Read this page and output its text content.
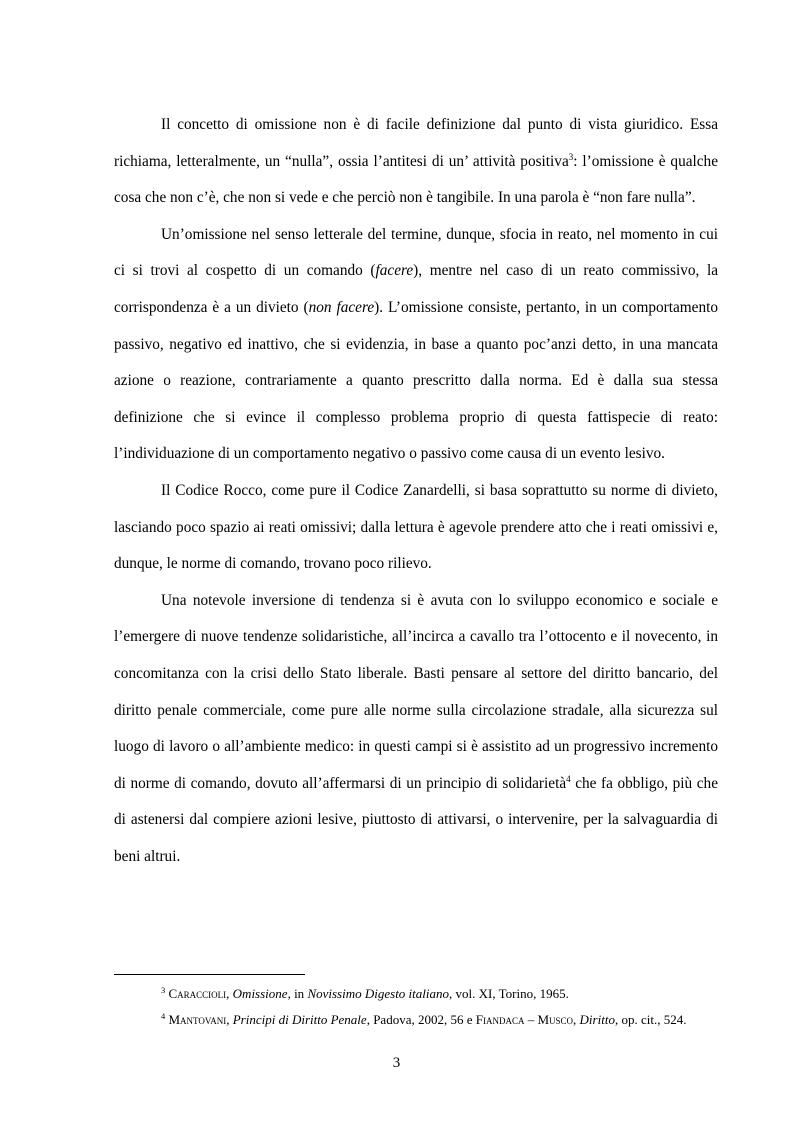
Il concetto di omissione non è di facile definizione dal punto di vista giuridico. Essa richiama, letteralmente, un “nulla”, ossia l’antitesi di un’ attività positiva$^3$: l’omissione è qualche cosa che non c’è, che non si vede e che perciò non è tangibile. In una parola è “non fare nulla”.

Un’omissione nel senso letterale del termine, dunque, sfocia in reato, nel momento in cui ci si trovi al cospetto di un comando (facere), mentre nel caso di un reato commissivo, la corrispondenza è a un divieto (non facere). L’omissione consiste, pertanto, in un comportamento passivo, negativo ed inattivo, che si evidenzia, in base a quanto poc’anzi detto, in una mancata azione o reazione, contrariamente a quanto prescritto dalla norma. Ed è dalla sua stessa definizione che si evince il complesso problema proprio di questa fattispecie di reato: l’individuazione di un comportamento negativo o passivo come causa di un evento lesivo.

Il Codice Rocco, come pure il Codice Zanardelli, si basa soprattutto su norme di divieto, lasciando poco spazio ai reati omissivi; dalla lettura è agevole prendere atto che i reati omissivi e, dunque, le norme di comando, trovano poco rilievo.

Una notevole inversione di tendenza si è avuta con lo sviluppo economico e sociale e l’emergere di nuove tendenze solidaristiche, all’incirca a cavallo tra l’ottocento e il novecento, in concomitanza con la crisi dello Stato liberale. Basti pensare al settore del diritto bancario, del diritto penale commerciale, come pure alle norme sulla circolazione stradale, alla sicurezza sul luogo di lavoro o all’ambiente medico: in questi campi si è assistito ad un progressivo incremento di norme di comando, dovuto all’affermarsi di un principio di solidarietà$^4$ che fa obbligo, più che di astenersi dal compiere azioni lesive, piuttosto di attivarsi, o intervenire, per la salvaguardia di beni altrui.

$^3$ Caraccioli, Omissione, in Novissimo Digesto italiano, vol. XI, Torino, 1965.

$^4$ Mantovani, Principi di Diritto Penale, Padova, 2002, 56 e Fiandaca – Musco, Diritto, op. cit., 524.

3
